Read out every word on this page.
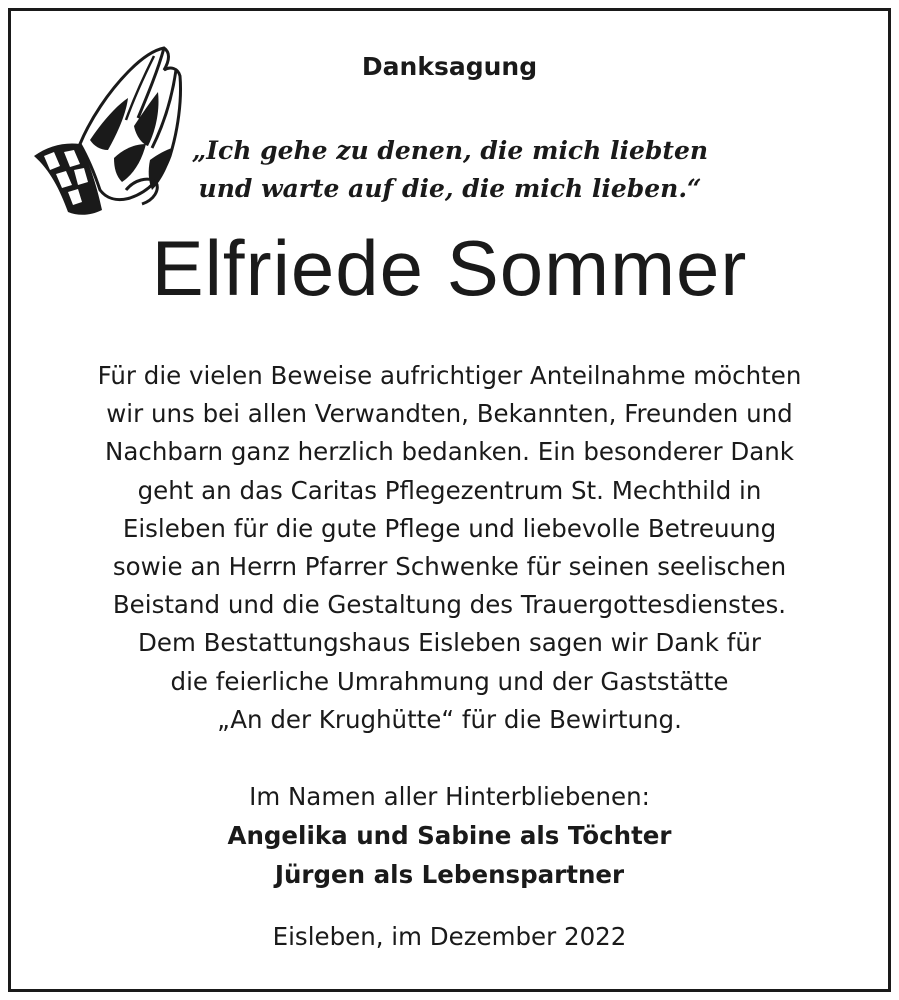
Danksagung
„Ich gehe zu denen, die mich liebten
und warte auf die, die mich lieben.“
Elfriede Sommer
Für die vielen Beweise aufrichtiger Anteilnahme möchten
wir uns bei allen Verwandten, Bekannten, Freunden und
Nachbarn ganz herzlich bedanken. Ein besonderer Dank
geht an das Caritas Pflegezentrum St. Mechthild in
Eisleben für die gute Pflege und liebevolle Betreuung
sowie an Herrn Pfarrer Schwenke für seinen seelischen
Beistand und die Gestaltung des Trauergottesdienstes.
Dem Bestattungshaus Eisleben sagen wir Dank für
die feierliche Umrahmung und der Gaststätte
„An der Krughütte“ für die Bewirtung.
Im Namen aller Hinterbliebenen:
Angelika und Sabine als Töchter
Jürgen als Lebenspartner
Eisleben, im Dezember 2022
